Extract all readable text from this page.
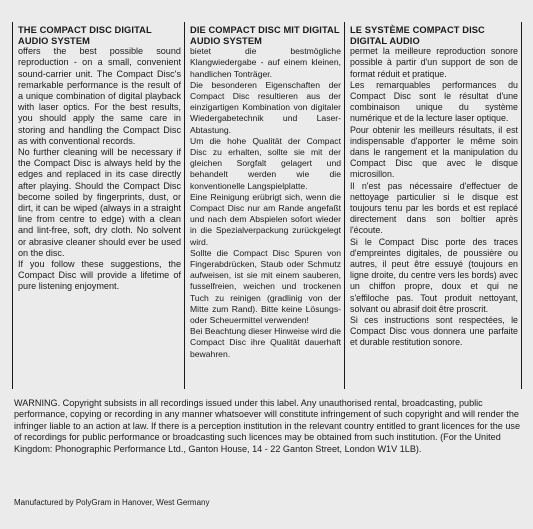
THE COMPACT DISC DIGITAL AUDIO SYSTEM

offers the best possible sound reproduction - on a small, convenient sound-carrier unit. The Compact Disc's remarkable performance is the result of a unique combination of digital playback with laser optics. For the best results, you should apply the same care in storing and handling the Compact Disc as with conventional records.

No further cleaning will be necessary if the Compact Disc is always held by the edges and replaced in its case directly after playing. Should the Compact Disc become soiled by fingerprints, dust, or dirt, it can be wiped (always in a straight line from centre to edge) with a clean and lint-free, soft, dry cloth. No solvent or abrasive cleaner should ever be used on the disc.

If you follow these suggestions, the Compact Disc will provide a lifetime of pure listening enjoyment.

DIE COMPACT DISC MIT DIGITAL AUDIO SYSTEM

bietet die bestmögliche Klangwiedergabe - auf einem kleinen, handlichen Tonträger.

Die besonderen Eigenschaften der Compact Disc resultieren aus der einzigartigen Kombination von digitaler Wiedergabetechnik und Laser-Abtastung.

Um die hohe Qualität der Compact Disc zu erhalten, sollte sie mit der gleichen Sorgfalt gelagert und behandelt werden wie die konventionelle Langspielplatte.

Eine Reinigung erübrigt sich, wenn die Compact Disc nur am Rande angefaßt und nach dem Abspielen sofort wieder in die Spezialverpackung zurückgelegt wird.

Sollte die Compact Disc Spuren von Fingerabdrücken, Staub oder Schmutz aufweisen, ist sie mit einem sauberen, fusselfreien, weichen und trockenen Tuch zu reinigen (gradlinig von der Mitte zum Rand). Bitte keine Lösungs- oder Scheuermittel verwenden!

Bei Beachtung dieser Hinweise wird die Compact Disc ihre Qualität dauerhaft bewahren.

LE SYSTÈME COMPACT DISC DIGITAL AUDIO

permet la meilleure reproduction sonore possible à partir d'un support de son de format réduit et pratique.

Les remarquables performances du Compact Disc sont le résultat d'une combinaison unique du système numérique et de la lecture laser optique.

Pour obtenir les meilleurs résultats, il est indispensable d'apporter le même soin dans le rangement et la manipulation du Compact Disc que avec le disque microsillon.

Il n'est pas nécessaire d'effectuer de nettoyage particulier si le disque est toujours tenu par les bords et est replacé directement dans son boîtier après l'écoute.

Si le Compact Disc porte des traces d'empreintes digitales, de poussière ou autres, il peut être essuyé (toujours en ligne droite, du centre vers les bords) avec un chiffon propre, doux et qui ne s'effiloche pas. Tout produit nettoyant, solvant ou abrasif doit être proscrit.

Si ces instructions sont respectées, le Compact Disc vous donnera une parfaite et durable restitution sonore.

WARNING. Copyright subsists in all recordings issued under this label. Any unauthorised rental, broadcasting, public performance, copying or recording in any manner whatsoever will constitute infringement of such copyright and will render the infringer liable to an action at law. If there is a perception institution in the relevant country entitled to grant licences for the use of recordings for public performance or broadcasting such licences may be obtained from such institution. (For the United Kingdom: Phonographic Performance Ltd., Ganton House, 14 - 22 Ganton Street, London W1V 1LB).

Manufactured by PolyGram in Hanover, West Germany
